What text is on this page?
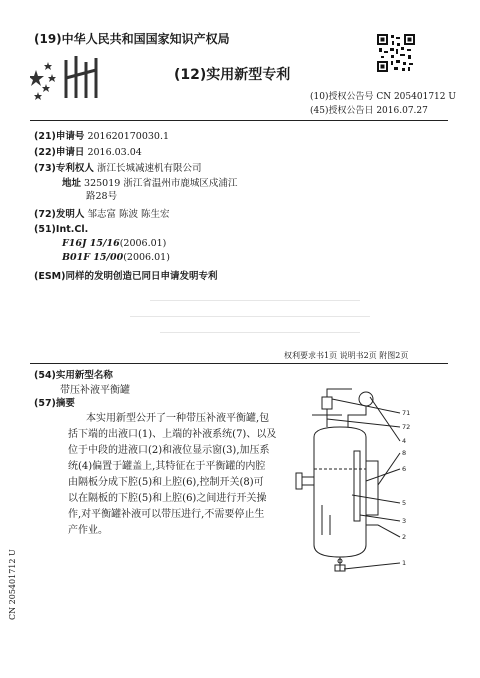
(19)中华人民共和国国家知识产权局
(12)实用新型专利
(10)授权公告号 CN 205401712 U
(45)授权公告日 2016.07.27
(21)申请号 201620170030.1
(22)申请日 2016.03.04
(73)专利权人 浙江长城减速机有限公司
地址 325019 浙江省温州市鹿城区戍浦江
路28号
(72)发明人 邹志富 陈波 陈生宏
(51)Int.Cl.
F16J 15/16(2006.01)
B01F 15/00(2006.01)
(ESM)同样的发明创造已同日申请发明专利
权利要求书1页 说明书2页 附图2页
(54)实用新型名称
带压补液平衡罐
(57)摘要
本实用新型公开了一种带压补液平衡罐,包
括下端的出液口(1)、上端的补液系统(7)、以及
位于中段的进液口(2)和液位显示窗(3),加压系
统(4)偏置于罐盖上,其特征在于平衡罐的内腔
由隔板分成下腔(5)和上腔(6),控制开关(8)可
以在隔板的下腔(5)和上腔(6)之间进行开关操
作,对平衡罐补液可以带压进行,不需要停止生
产作业。
71
72
4
8
6
5
3
2
1
CN 205401712 U
